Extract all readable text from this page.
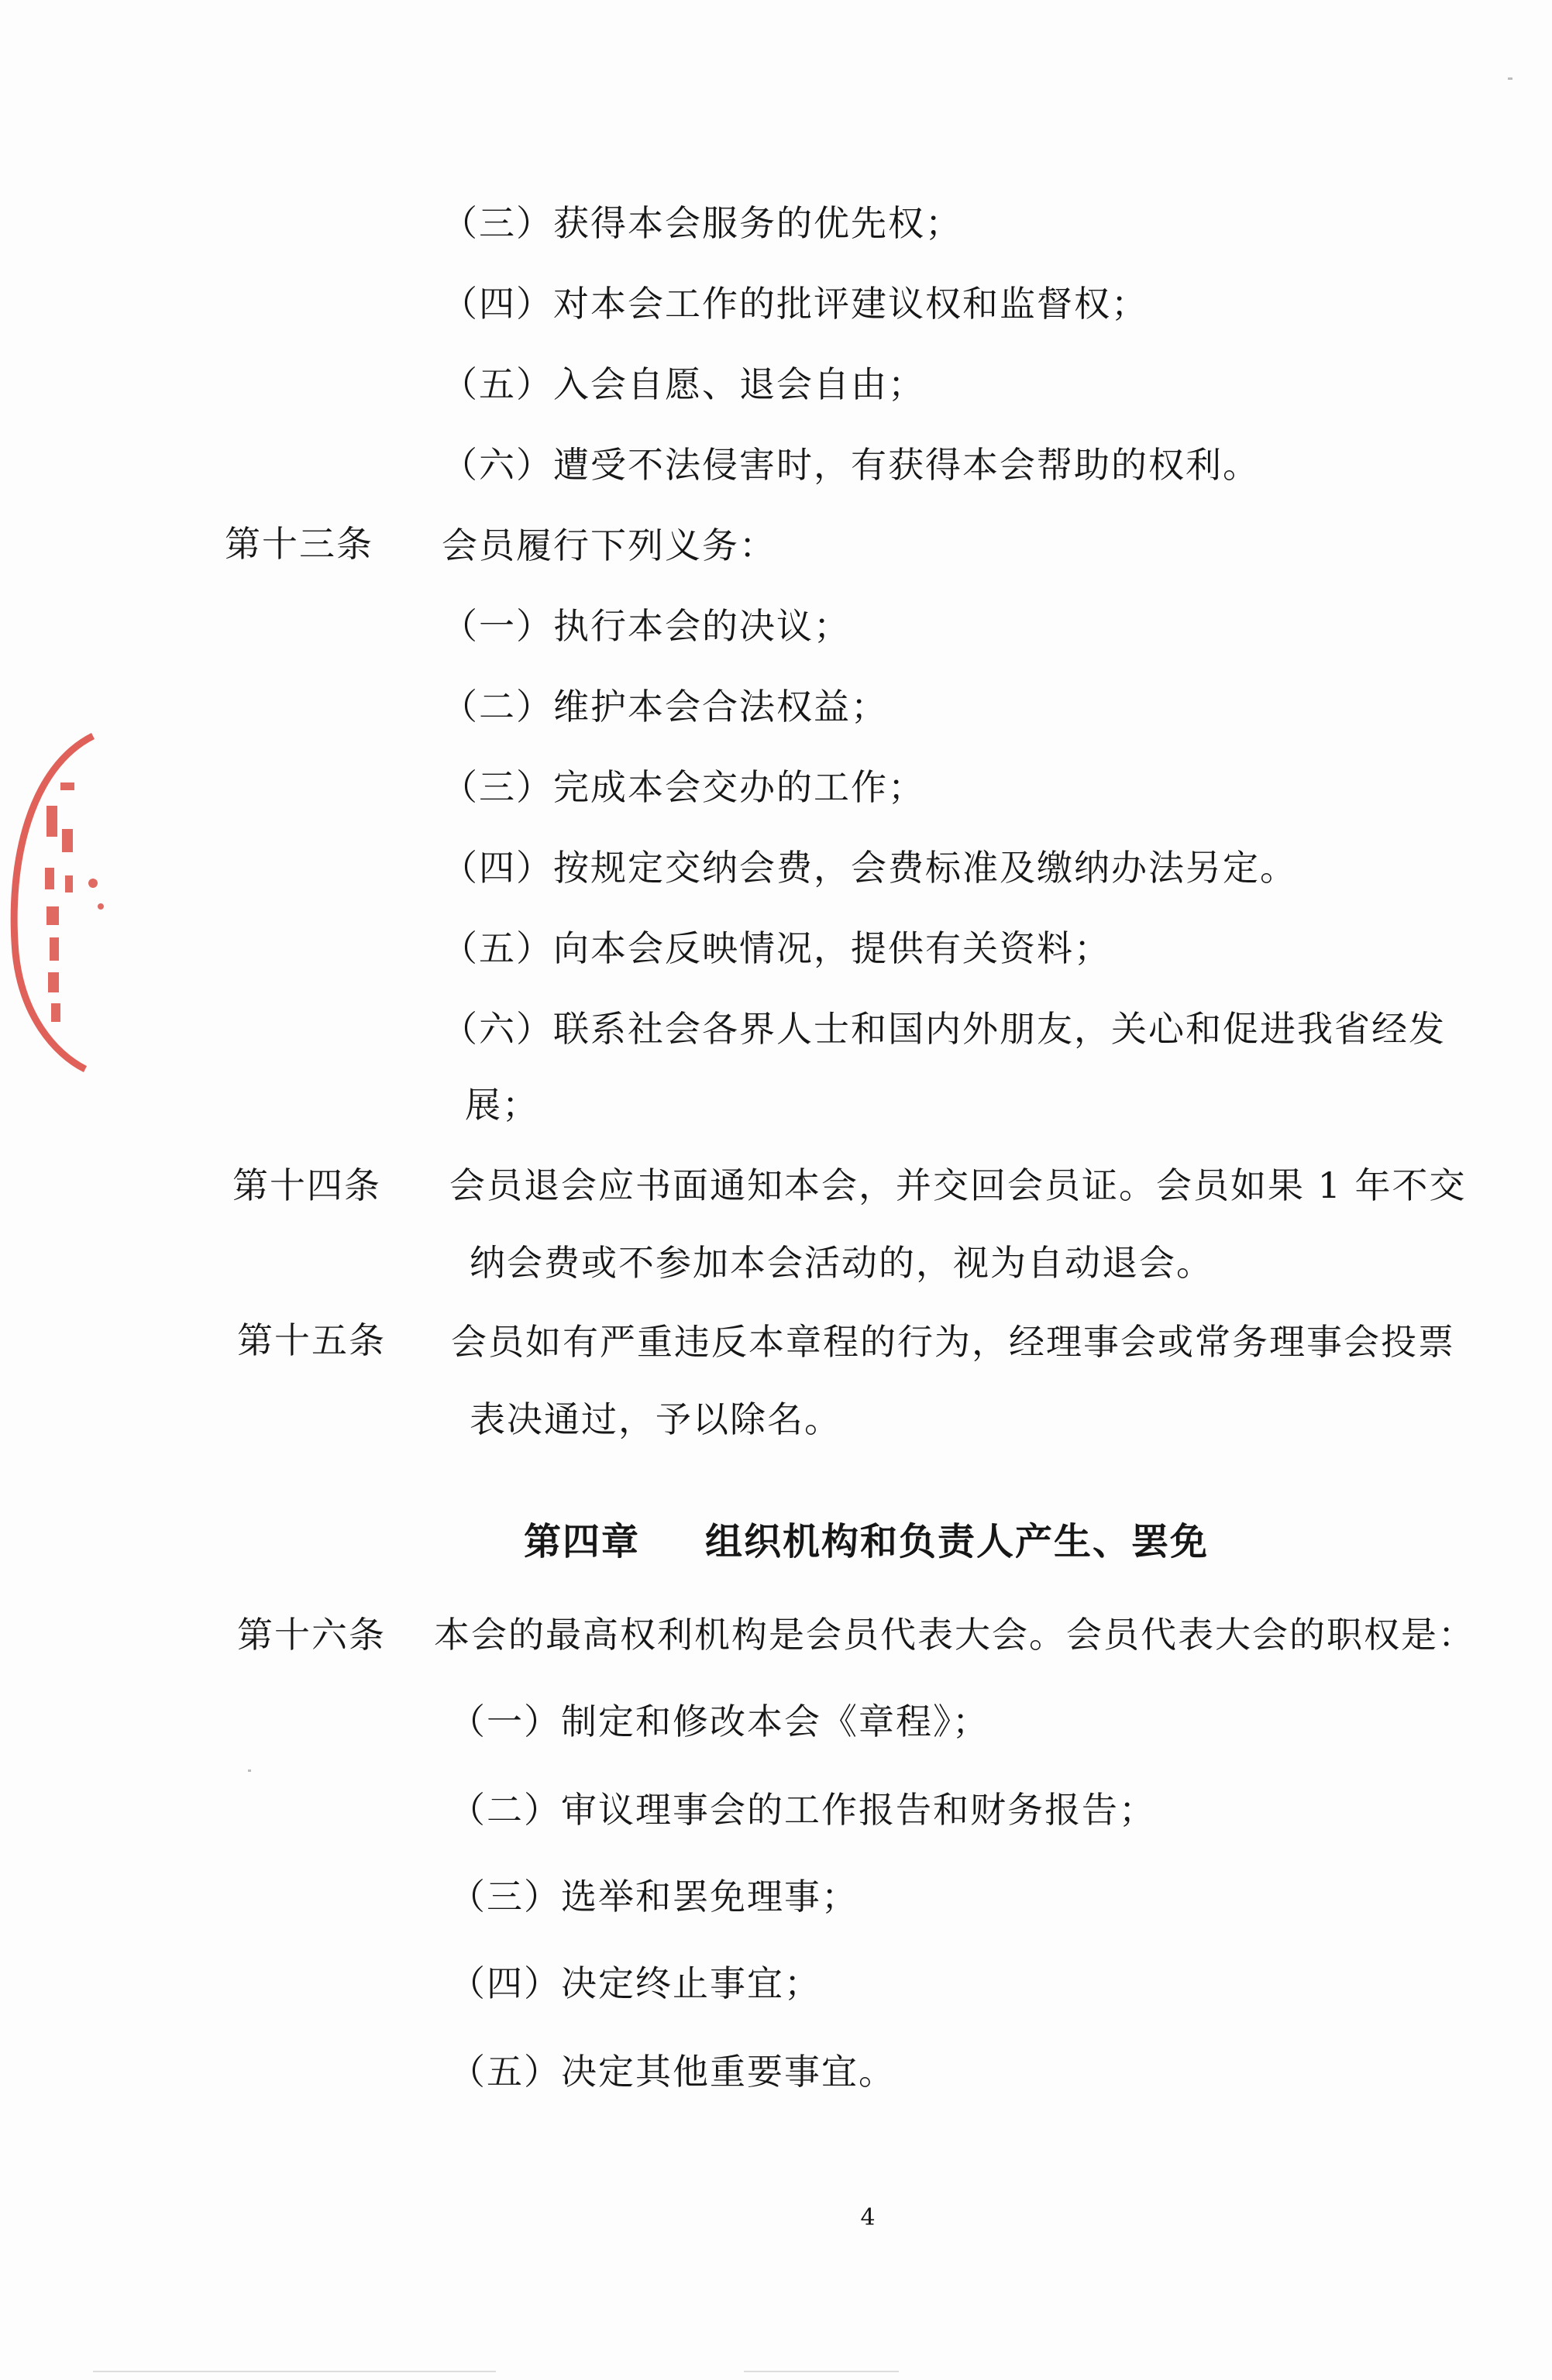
（三）获得本会服务的优先权；
（四）对本会工作的批评建议权和监督权；
（五）入会自愿、退会自由；
（六）遭受不法侵害时，有获得本会帮助的权利。
第十三条 会员履行下列义务：
（一）执行本会的决议；
（二）维护本会合法权益；
（三）完成本会交办的工作；
（四）按规定交纳会费，会费标准及缴纳办法另定。
（五）向本会反映情况，提供有关资料；
（六）联系社会各界人士和国内外朋友，关心和促进我省经发
展；
第十四条 会员退会应书面通知本会，并交回会员证。会员如果 1 年不交
纳会费或不参加本会活动的，视为自动退会。
第十五条 会员如有严重违反本章程的行为，经理事会或常务理事会投票
表决通过，予以除名。
第四章 组织机构和负责人产生、罢免
第十六条 本会的最高权利机构是会员代表大会。会员代表大会的职权是：
（一）制定和修改本会《章程》；
（二）审议理事会的工作报告和财务报告；
（三）选举和罢免理事；
（四）决定终止事宜；
（五）决定其他重要事宜。
4
